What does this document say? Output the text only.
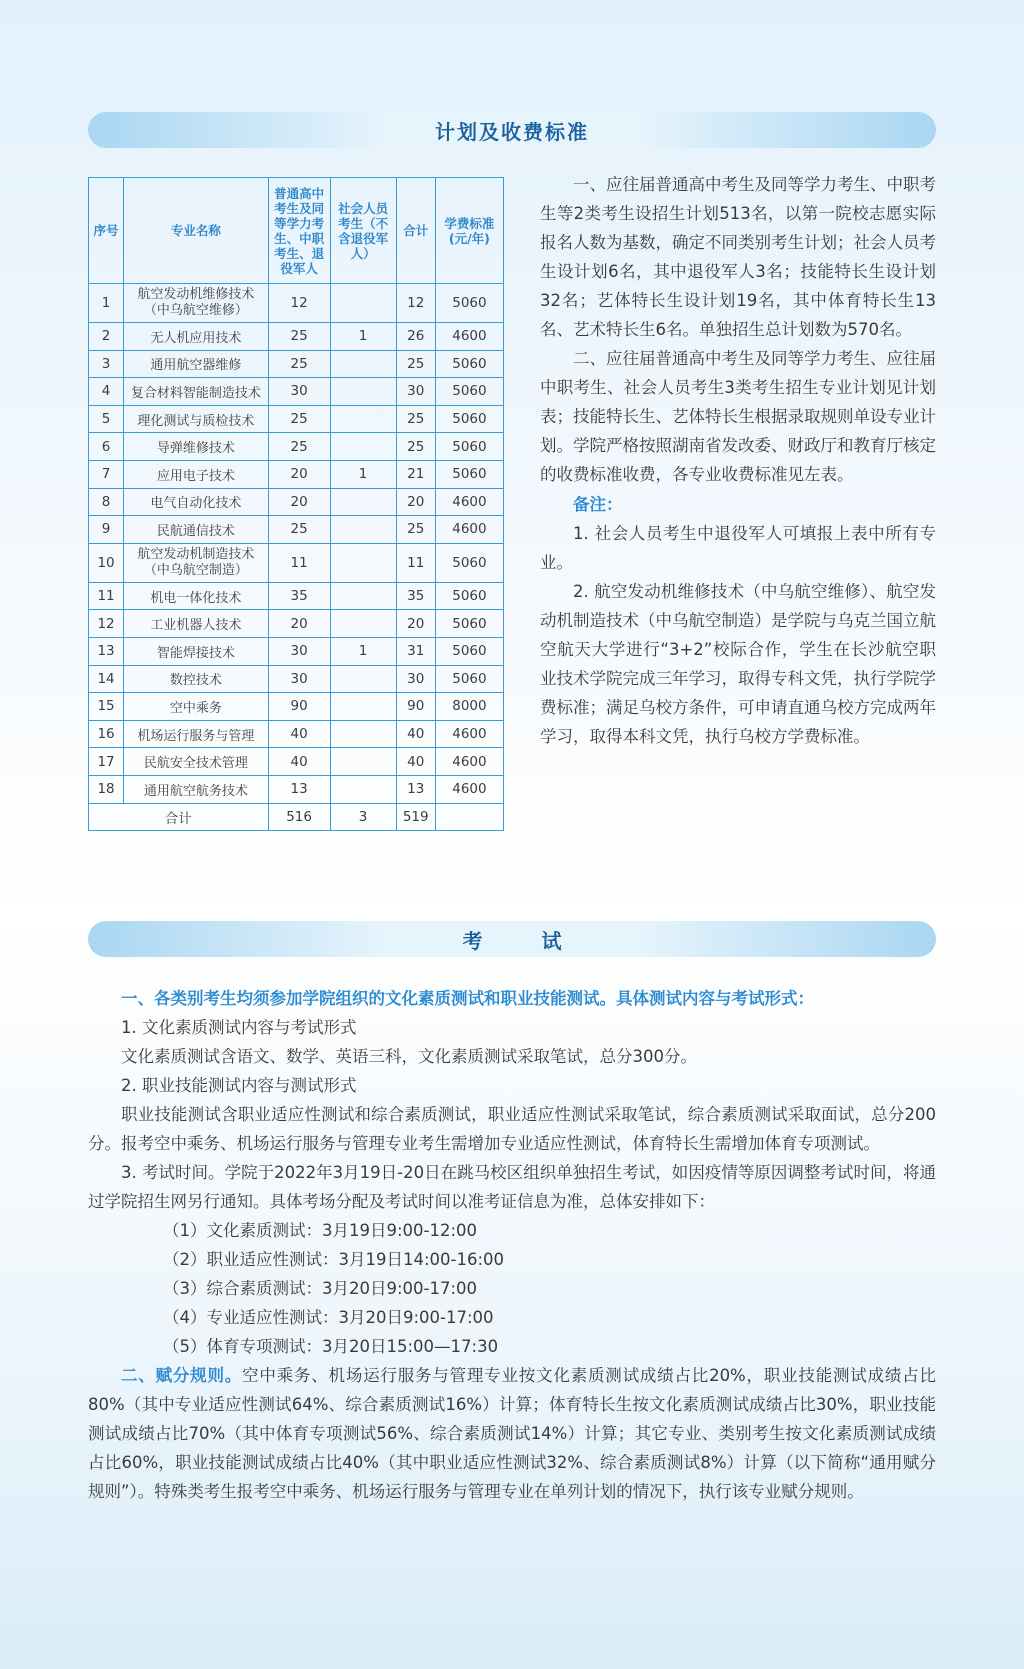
计划及收费标准
序号	专业名称	普通高中考生及同等学力考生、中职考生、退役军人	社会人员考生（不含退役军人）	合计	学费标准(元/年)
1	航空发动机维修技术（中乌航空维修）	12		12	5060
2	无人机应用技术	25	1	26	4600
3	通用航空器维修	25		25	5060
4	复合材料智能制造技术	30		30	5060
5	理化测试与质检技术	25		25	5060
6	导弹维修技术	25		25	5060
7	应用电子技术	20	1	21	5060
8	电气自动化技术	20		20	4600
9	民航通信技术	25		25	4600
10	航空发动机制造技术（中乌航空制造）	11		11	5060
11	机电一体化技术	35		35	5060
12	工业机器人技术	20		20	5060
13	智能焊接技术	30	1	31	5060
14	数控技术	30		30	5060
15	空中乘务	90		90	8000
16	机场运行服务与管理	40		40	4600
17	民航安全技术管理	40		40	4600
18	通用航空航务技术	13		13	4600
合计		516	3	519	

一、应往届普通高中考生及同等学力考生、中职考生等2类考生设招生计划513名，以第一院校志愿实际报名人数为基数，确定不同类别考生计划；社会人员考生设计划6名，其中退役军人3名；技能特长生设计划32名；艺体特长生设计划19名，其中体育特长生13名、艺术特长生6名。单独招生总计划数为570名。

二、应往届普通高中考生及同等学力考生、应往届中职考生、社会人员考生3类考生招生专业计划见计划表；技能特长生、艺体特长生根据录取规则单设专业计划。学院严格按照湖南省发改委、财政厅和教育厅核定的收费标准收费，各专业收费标准见左表。

备注：

1. 社会人员考生中退役军人可填报上表中所有专业。

2. 航空发动机维修技术（中乌航空维修）、航空发动机制造技术（中乌航空制造）是学院与乌克兰国立航空航天大学进行“3+2”校际合作，学生在长沙航空职业技术学院完成三年学习，取得专科文凭，执行学院学费标准；满足乌校方条件，可申请直通乌校方完成两年学习，取得本科文凭，执行乌校方学费标准。

考 试

一、各类别考生均须参加学院组织的文化素质测试和职业技能测试。具体测试内容与考试形式：

1. 文化素质测试内容与考试形式

文化素质测试含语文、数学、英语三科，文化素质测试采取笔试，总分300分。

2. 职业技能测试内容与测试形式

职业技能测试含职业适应性测试和综合素质测试，职业适应性测试采取笔试，综合素质测试采取面试，总分200分。报考空中乘务、机场运行服务与管理专业考生需增加专业适应性测试，体育特长生需增加体育专项测试。

3. 考试时间。学院于2022年3月19日-20日在跳马校区组织单独招生考试，如因疫情等原因调整考试时间，将通过学院招生网另行通知。具体考场分配及考试时间以准考证信息为准，总体安排如下：

（1）文化素质测试：3月19日9:00-12:00

（2）职业适应性测试：3月19日14:00-16:00

（3）综合素质测试：3月20日9:00-17:00

（4）专业适应性测试：3月20日9:00-17:00

（5）体育专项测试：3月20日15:00—17:30

二、赋分规则。空中乘务、机场运行服务与管理专业按文化素质测试成绩占比20%，职业技能测试成绩占比80%（其中专业适应性测试64%、综合素质测试16%）计算；体育特长生按文化素质测试成绩占比30%，职业技能测试成绩占比70%（其中体育专项测试56%、综合素质测试14%）计算；其它专业、类别考生按文化素质测试成绩占比60%，职业技能测试成绩占比40%（其中职业适应性测试32%、综合素质测试8%）计算（以下简称“通用赋分规则”）。特殊类考生报考空中乘务、机场运行服务与管理专业在单列计划的情况下，执行该专业赋分规则。
